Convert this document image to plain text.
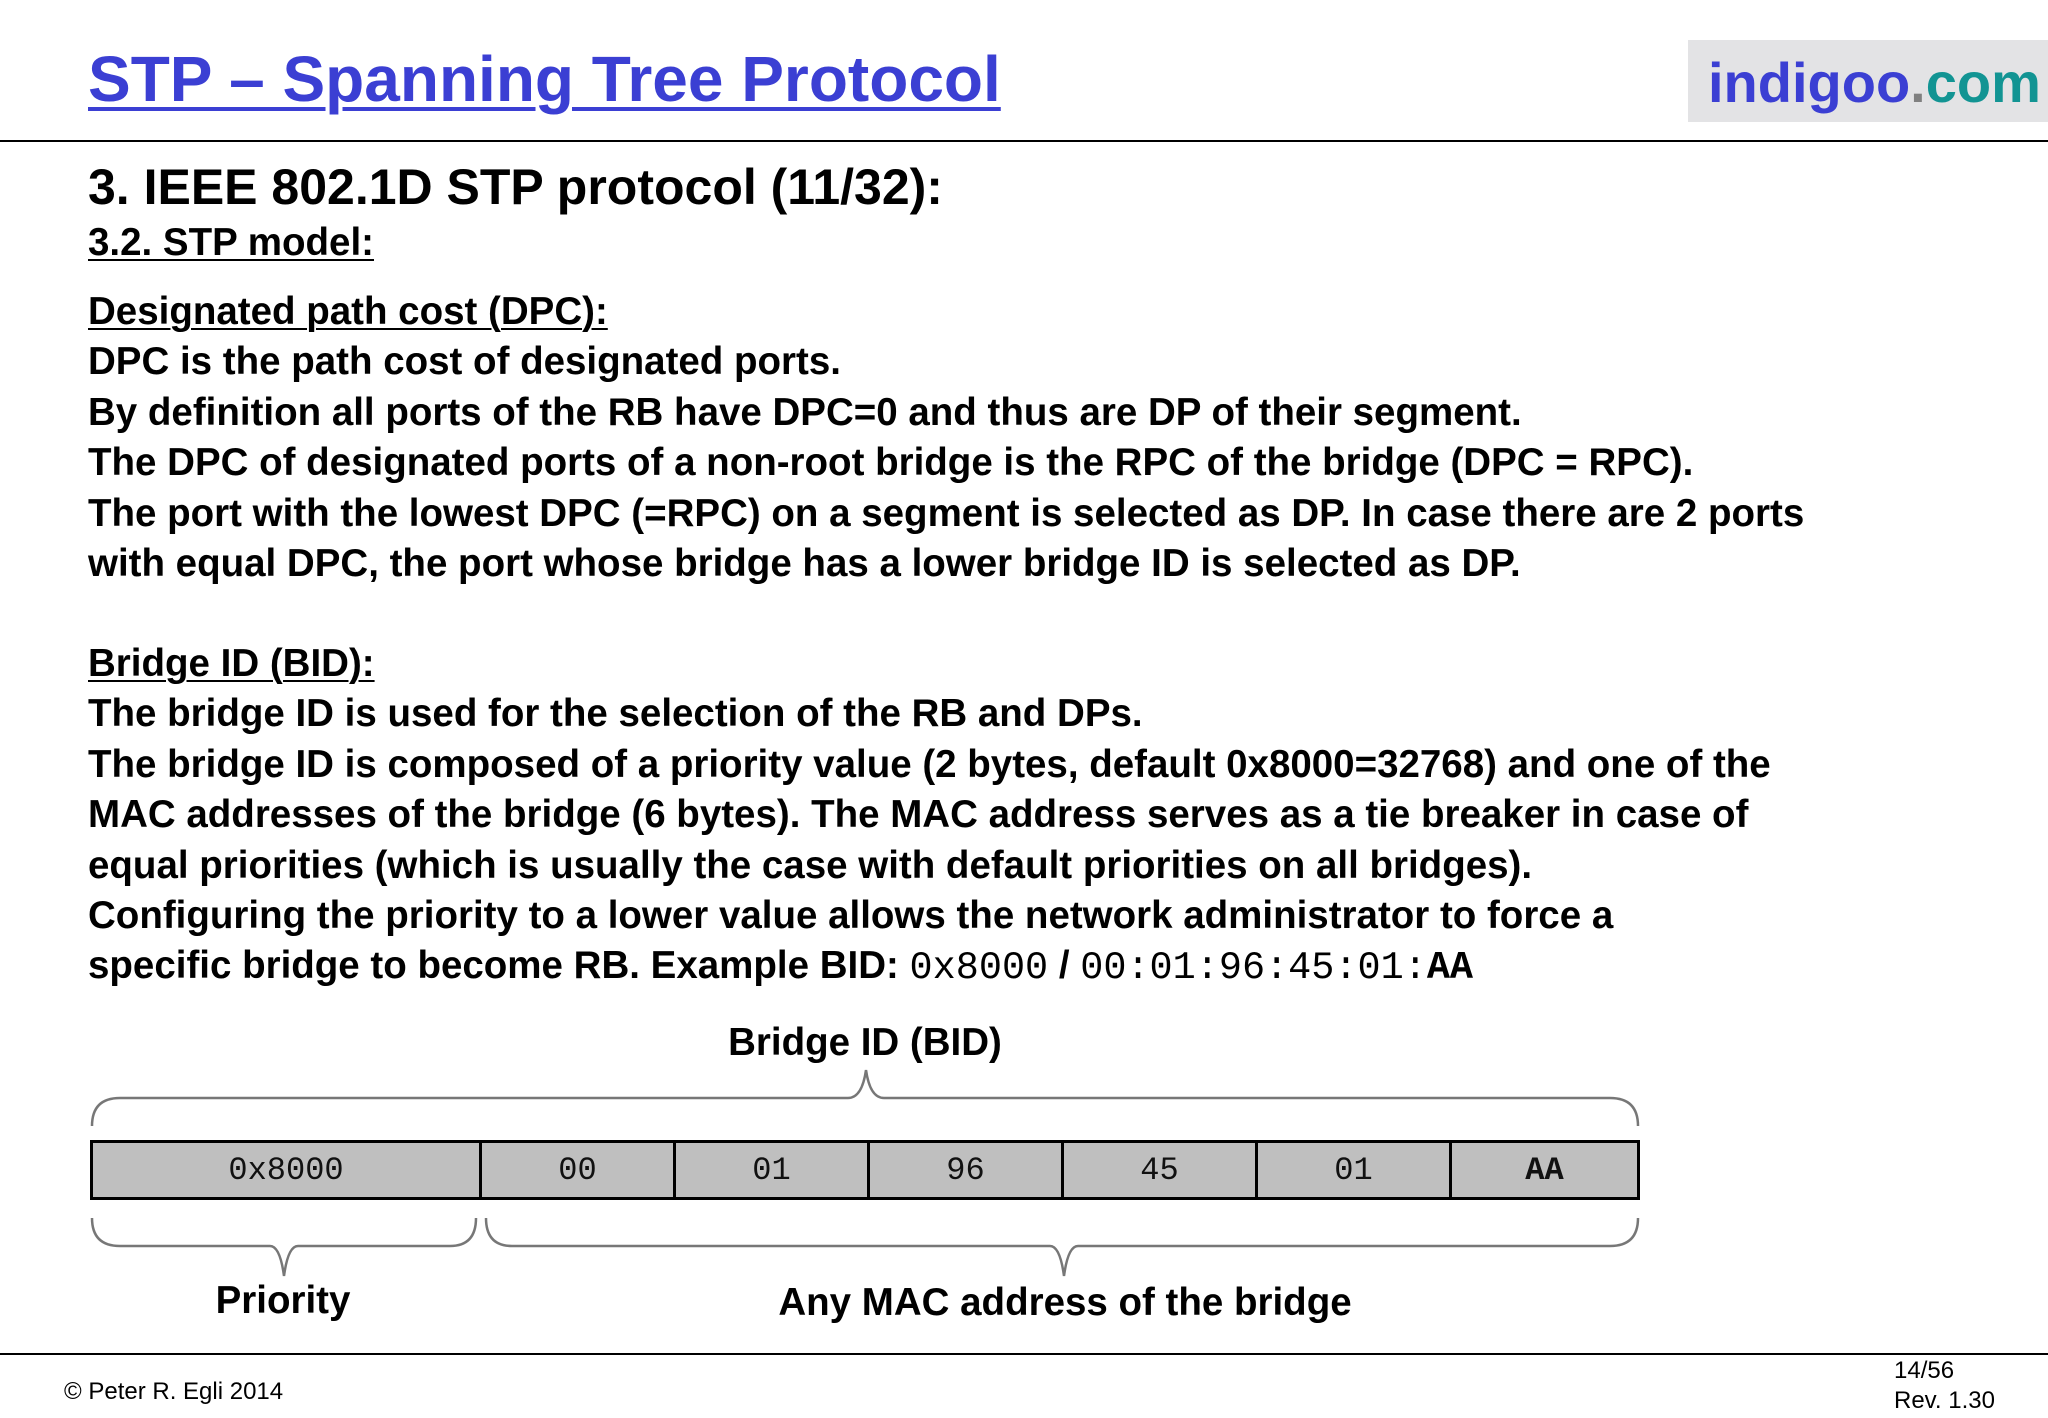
STP – Spanning Tree Protocol	indigoo.com
3. IEEE 802.1D STP protocol (11/32):
3.2. STP model:
Designated path cost (DPC):
DPC is the path cost of designated ports.
By definition all ports of the RB have DPC=0 and thus are DP of their segment.
The DPC of designated ports of a non-root bridge is the RPC of the bridge (DPC = RPC).
The port with the lowest DPC (=RPC) on a segment is selected as DP. In case there are 2 ports
with equal DPC, the port whose bridge has a lower bridge ID is selected as DP.
Bridge ID (BID):
The bridge ID is used for the selection of the RB and DPs.
The bridge ID is composed of a priority value (2 bytes, default 0x8000=32768) and one of the
MAC addresses of the bridge (6 bytes). The MAC address serves as a tie breaker in case of
equal priorities (which is usually the case with default priorities on all bridges).
Configuring the priority to a lower value allows the network administrator to force a
specific bridge to become RB. Example BID: 0x8000 / 00:01:96:45:01:AA
Bridge ID (BID)
0x8000	00	01	96	45	01	AA
Priority	Any MAC address of the bridge
© Peter R. Egli 2014
14/56
Rev. 1.30
